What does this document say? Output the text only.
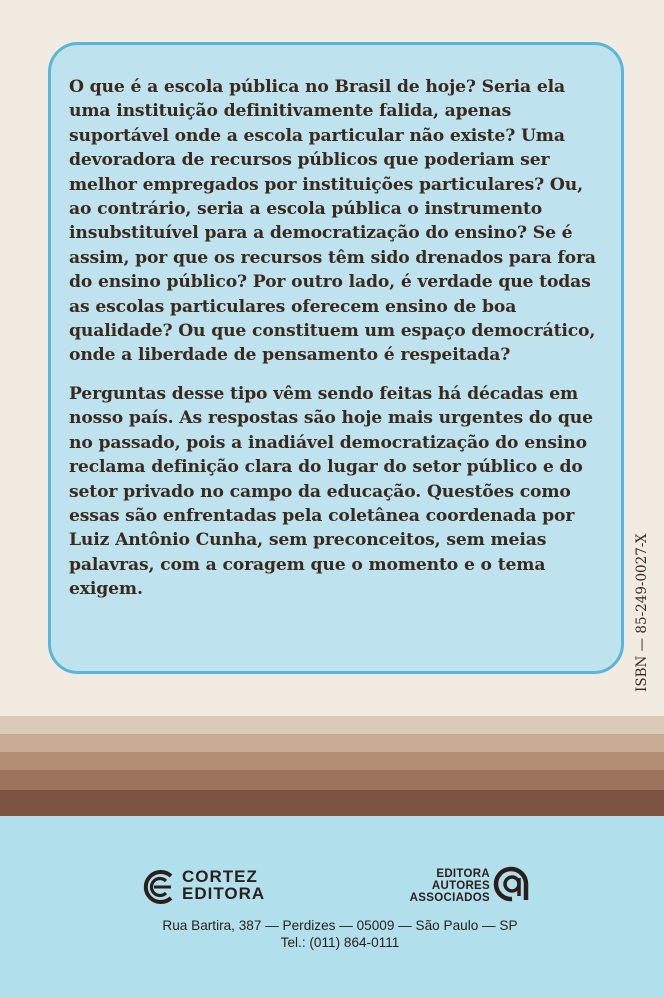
O que é a escola pública no Brasil de hoje? Seria ela uma instituição definitivamente falida, apenas suportável onde a escola particular não existe? Uma devoradora de recursos públicos que poderiam ser melhor empregados por instituições particulares? Ou, ao contrário, seria a escola pública o instrumento insubstituível para a democratização do ensino? Se é assim, por que os recursos têm sido drenados para fora do ensino público? Por outro lado, é verdade que todas as escolas particulares oferecem ensino de boa qualidade? Ou que constituem um espaço democrático, onde a liberdade de pensamento é respeitada?

Perguntas desse tipo vêm sendo feitas há décadas em nosso país. As respostas são hoje mais urgentes do que no passado, pois a inadiável democratização do ensino reclama definição clara do lugar do setor público e do setor privado no campo da educação. Questões como essas são enfrentadas pela coletânea coordenada por Luiz Antônio Cunha, sem preconceitos, sem meias palavras, com a coragem que o momento e o tema exigem.	ISBN — 85-249-0027-X
CORTEZ
EDITORA
EDITORA
AUTORES
ASSOCIADOS
Rua Bartira, 387 — Perdizes — 05009 — São Paulo — SP
Tel.: (011) 864-0111
